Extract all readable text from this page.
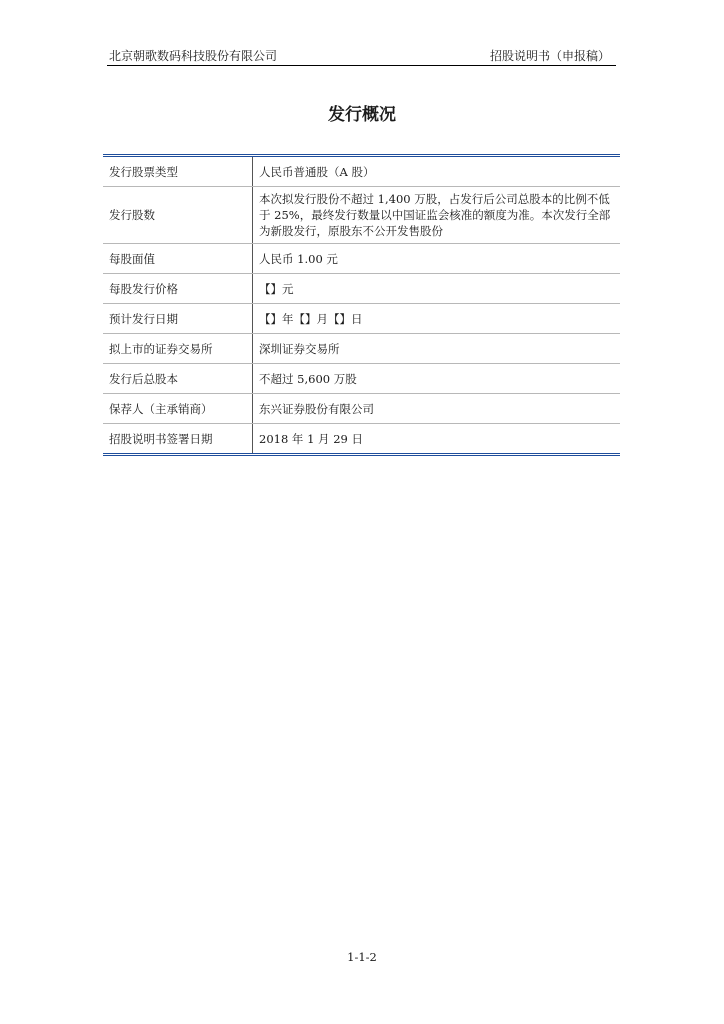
北京朝歌数码科技股份有限公司	招股说明书（申报稿）
发行概况
发行股票类型	人民币普通股（A 股）
发行股数	本次拟发行股份不超过 1,400 万股，占发行后公司总股本的比例不低于 25%，最终发行数量以中国证监会核准的额度为准。本次发行全部为新股发行，原股东不公开发售股份
每股面值	人民币 1.00 元
每股发行价格	【】元
预计发行日期	【】年【】月【】日
拟上市的证券交易所	深圳证券交易所
发行后总股本	不超过 5,600 万股
保荐人（主承销商）	东兴证券股份有限公司
招股说明书签署日期	2018 年 1 月 29 日
1-1-2
